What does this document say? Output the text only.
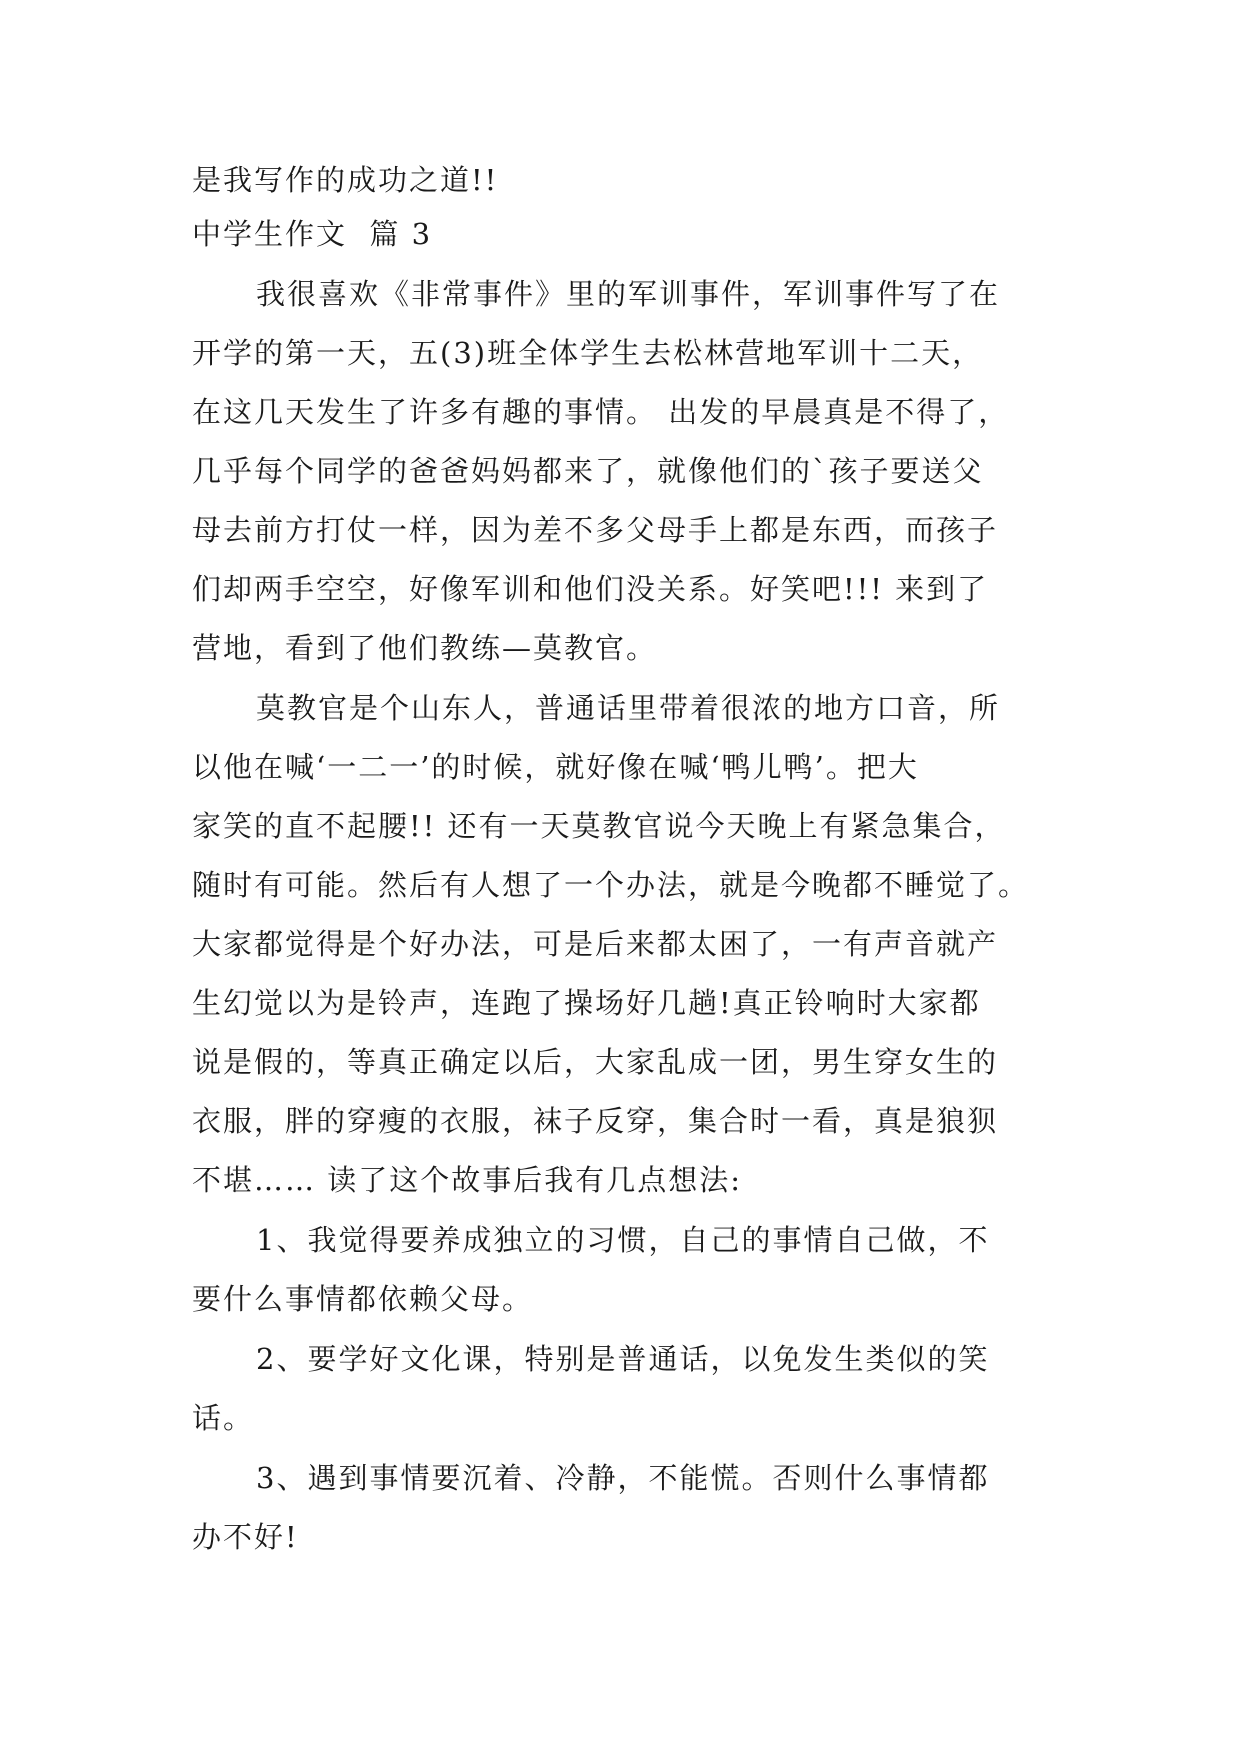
是我写作的成功之道!!

中学生作文  篇 3

我很喜欢《非常事件》里的军训事件，军训事件写了在

开学的第一天，五(3)班全体学生去松林营地军训十二天，

在这几天发生了许多有趣的事情。 出发的早晨真是不得了，

几乎每个同学的爸爸妈妈都来了，就像他们的`孩子要送父

母去前方打仗一样，因为差不多父母手上都是东西，而孩子

们却两手空空，好像军训和他们没关系。好笑吧!!! 来到了

营地，看到了他们教练—莫教官。

莫教官是个山东人，普通话里带着很浓的地方口音，所

以他在喊‘一二一’的时候，就好像在喊‘鸭儿鸭’。把大

家笑的直不起腰!! 还有一天莫教官说今天晚上有紧急集合，

随时有可能。然后有人想了一个办法，就是今晚都不睡觉了。

大家都觉得是个好办法，可是后来都太困了，一有声音就产

生幻觉以为是铃声，连跑了操场好几趟!真正铃响时大家都

说是假的，等真正确定以后，大家乱成一团，男生穿女生的

衣服，胖的穿瘦的衣服，袜子反穿，集合时一看，真是狼狈

不堪…… 读了这个故事后我有几点想法:

1、我觉得要养成独立的习惯，自己的事情自己做，不

要什么事情都依赖父母。

2、要学好文化课，特别是普通话，以免发生类似的笑

话。

3、遇到事情要沉着、冷静，不能慌。否则什么事情都

办不好!
